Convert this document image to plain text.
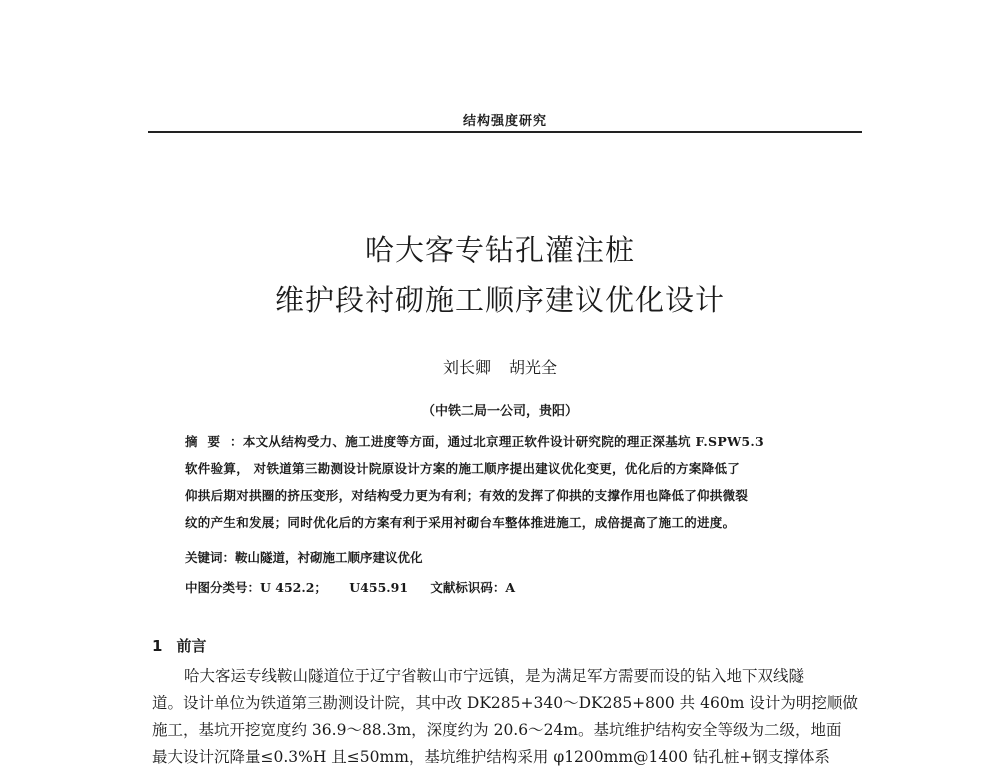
结构强度研究
哈大客专钻孔灌注桩
维护段衬砌施工顺序建议优化设计
刘长卿 胡光全
（中铁二局一公司，贵阳）
摘要：本文从结构受力、施工进度等方面，通过北京理正软件设计研究院的理正深基坑 F.SPW5.3
软件验算， 对铁道第三勘测设计院原设计方案的施工顺序提出建议优化变更，优化后的方案降低了
仰拱后期对拱圈的挤压变形，对结构受力更为有利；有效的发挥了仰拱的支撑作用也降低了仰拱微裂
纹的产生和发展；同时优化后的方案有利于采用衬砌台车整体推进施工，成倍提高了施工的进度。
关键词：鞍山隧道，衬砌施工顺序建议优化
中图分类号：U 452.2； U455.91 文献标识码：A
1 前言
哈大客运专线鞍山隧道位于辽宁省鞍山市宁远镇，是为满足军方需要而设的钻入地下双线隧
道。设计单位为铁道第三勘测设计院，其中改 DK285+340～DK285+800 共 460m 设计为明挖顺做
施工，基坑开挖宽度约 36.9～88.3m，深度约为 20.6～24m。基坑维护结构安全等级为二级，地面
最大设计沉降量≤0.3%H 且≤50mm，基坑维护结构采用 φ1200mm@1400 钻孔桩+钢支撑体系
